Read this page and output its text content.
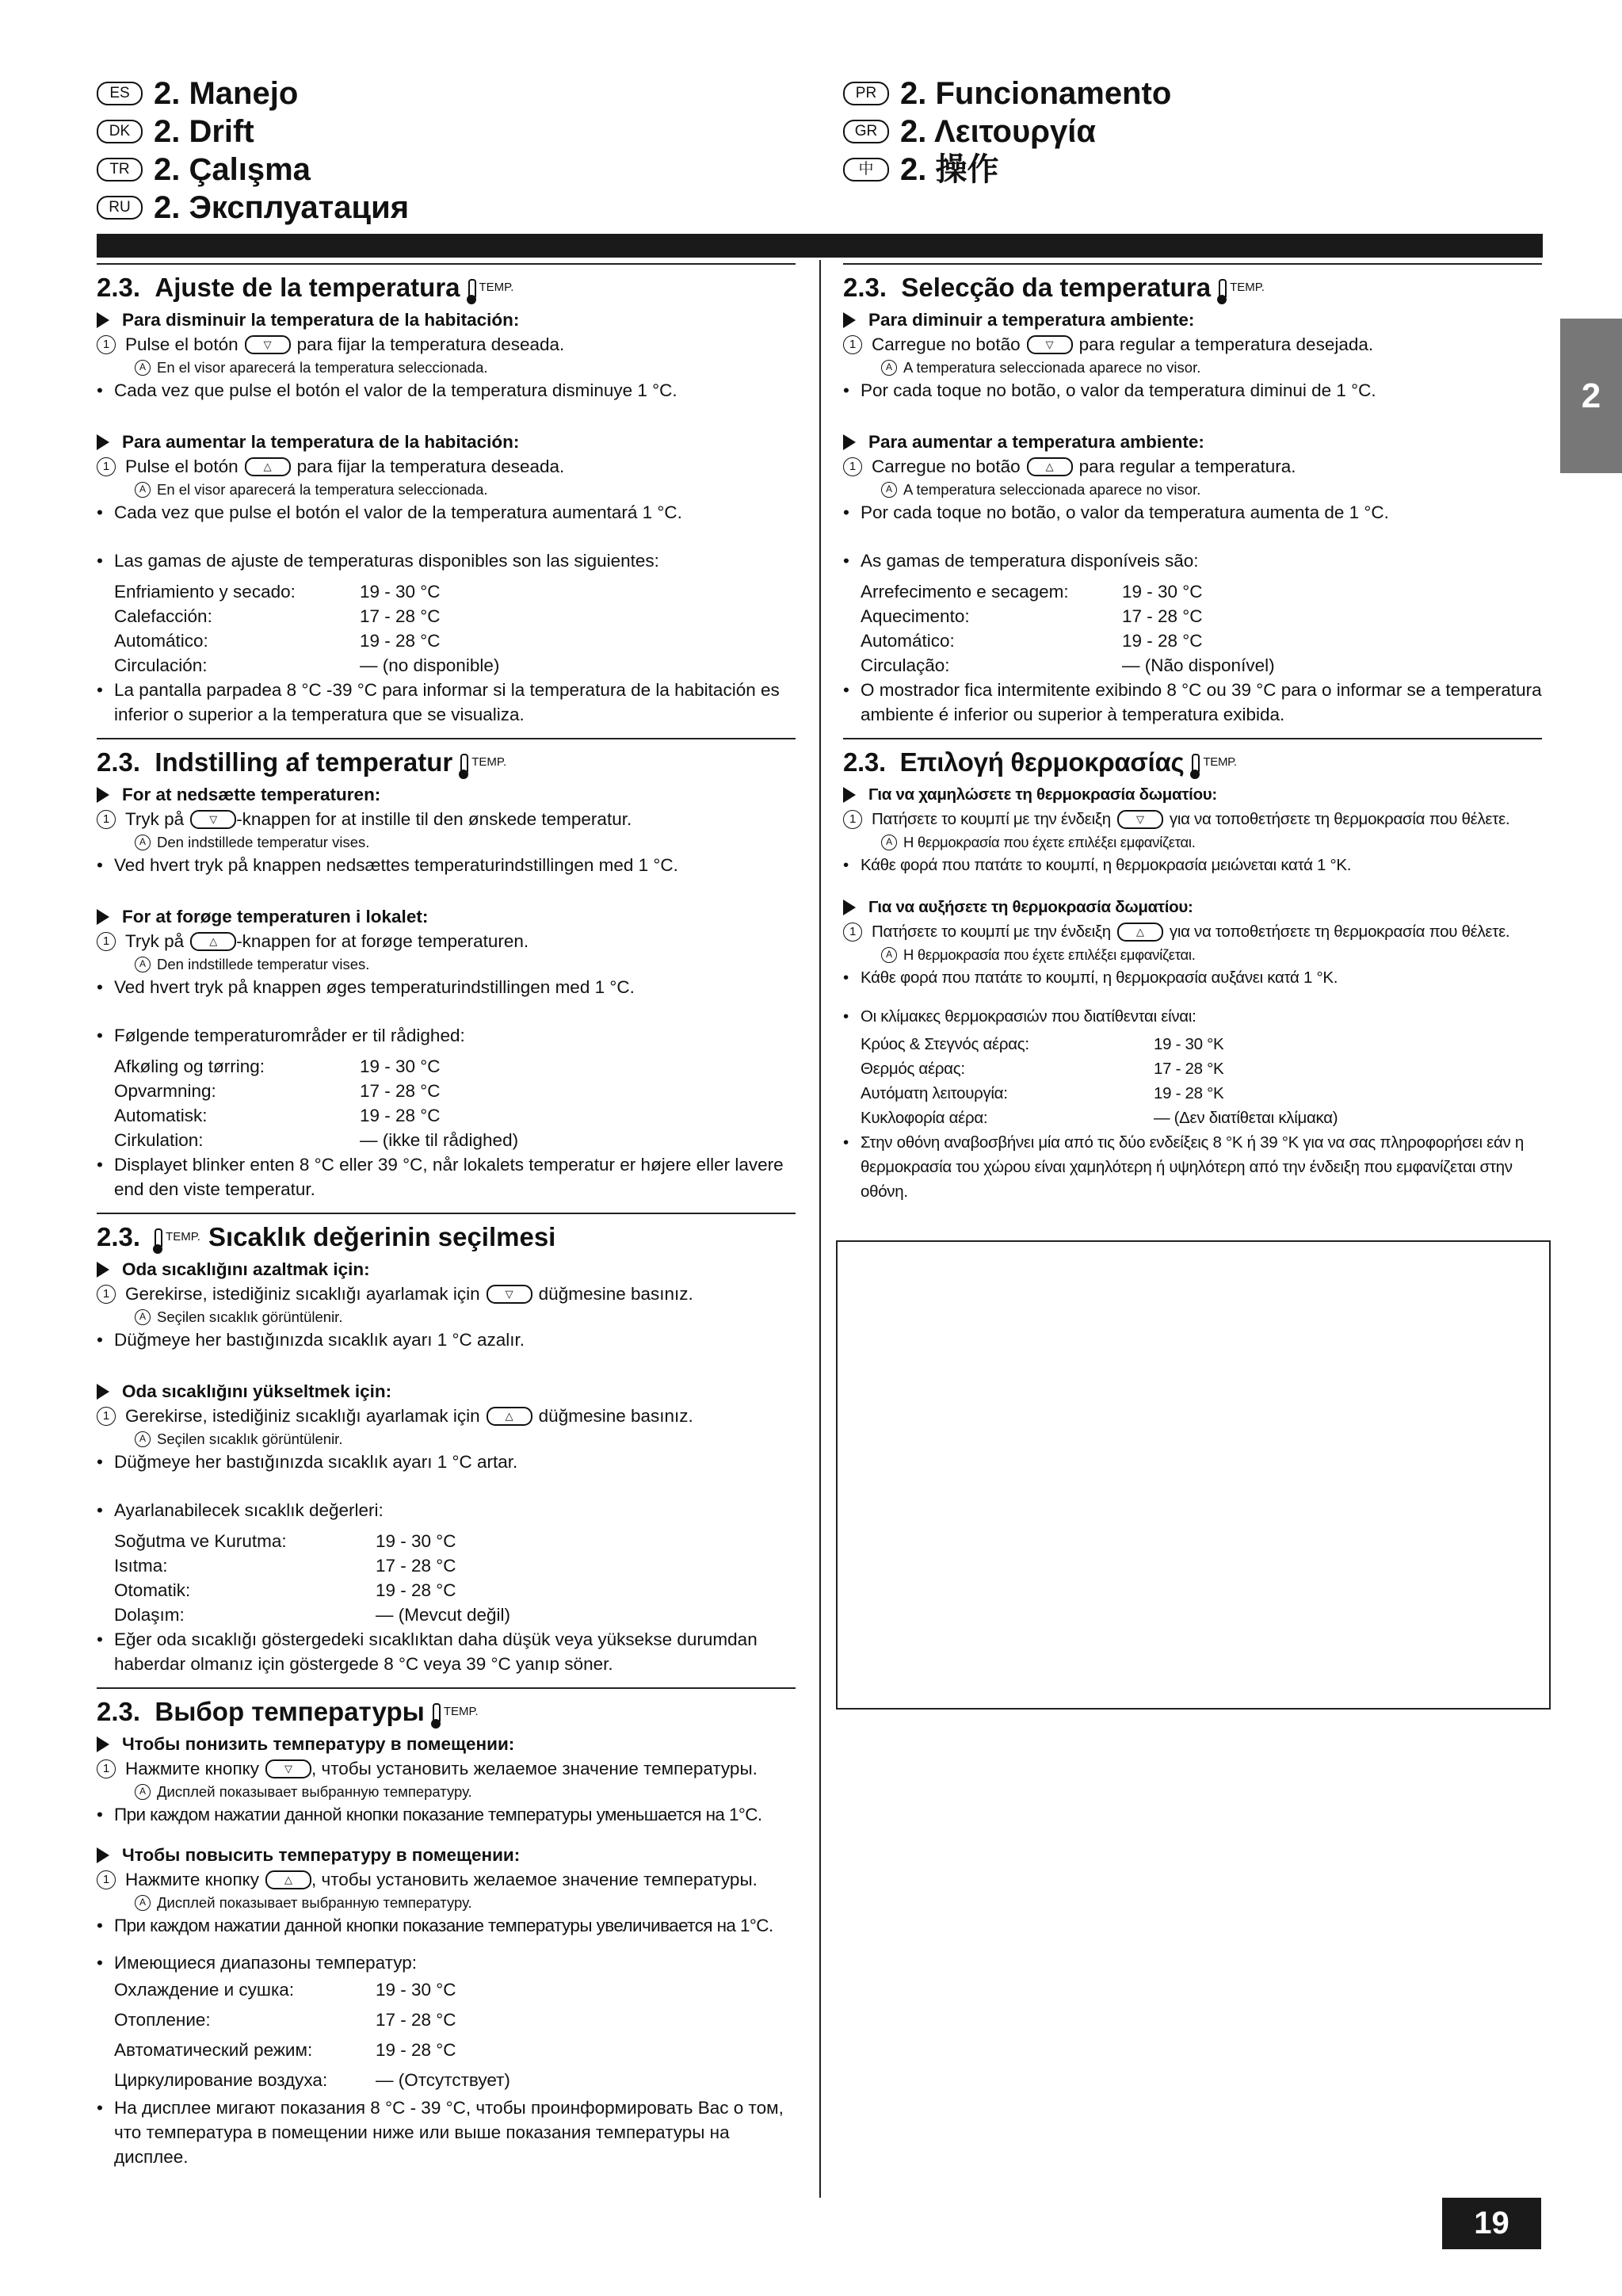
ES 2. Manejo
DK 2. Drift
TR 2. Çalışma
RU 2. Эксплуатация
PR 2. Funcionamento
GR 2. Λειτουργία
中 2. 操作
2
19
2.3.
Ajuste de la temperatura TEMP.
Para disminuir la temperatura de la habitación:
1 Pulse el botón	▽	para fijar la temperatura deseada.
A En el visor aparecerá la temperatura seleccionada.
• Cada vez que pulse el botón el valor de la temperatura disminuye 1 °C.
Para aumentar la temperatura de la habitación:
1 Pulse el botón	△	para fijar la temperatura deseada.
A En el visor aparecerá la temperatura seleccionada.
• Cada vez que pulse el botón el valor de la temperatura aumentará 1 °C.
• Las gamas de ajuste de temperaturas disponibles son las siguientes:
Enfriamiento y secado:	19 - 30 °C
Calefacción:	17 - 28 °C
Automático:	19 - 28 °C
Circulación:	— (no disponible)
• La pantalla parpadea 8 °C -39 °C para informar si la temperatura de la habitación es inferior o superior a la temperatura que se visualiza.
2.3.
Indstilling af temperatur TEMP.
For at nedsætte temperaturen:
1 Tryk på	▽	-knappen for at instille til den ønskede temperatur.
A Den indstillede temperatur vises.
• Ved hvert tryk på knappen nedsættes temperaturindstillingen med 1 °C.
For at forøge temperaturen i lokalet:
1 Tryk på	△	-knappen for at forøge temperaturen.
A Den indstillede temperatur vises.
• Ved hvert tryk på knappen øges temperaturindstillingen med 1 °C.
• Følgende temperaturområder er til rådighed:
Afkøling og tørring:	19 - 30 °C
Opvarmning:	17 - 28 °C
Automatisk:	19 - 28 °C
Cirkulation:	— (ikke til rådighed)
• Displayet blinker enten 8 °C eller 39 °C, når lokalets temperatur er højere eller lavere end den viste temperatur.
2.3. TEMP. Sıcaklık değerinin seçilmesi
Oda sıcaklığını azaltmak için:
1 Gerekirse, istediğiniz sıcaklığı ayarlamak için	▽	düğmesine basınız.
A Seçilen sıcaklık görüntülenir.
• Düğmeye her bastığınızda sıcaklık ayarı 1 °C azalır.
Oda sıcaklığını yükseltmek için:
1 Gerekirse, istediğiniz sıcaklığı ayarlamak için	△	düğmesine basınız.
A Seçilen sıcaklık görüntülenir.
• Düğmeye her bastığınızda sıcaklık ayarı 1 °C artar.
• Ayarlanabilecek sıcaklık değerleri:
Soğutma ve Kurutma:	19 - 30 °C
Isıtma:	17 - 28 °C
Otomatik:	19 - 28 °C
Dolaşım:	— (Mevcut değil)
• Eğer oda sıcaklığı göstergedeki sıcaklıktan daha düşük veya yüksekse durumdan haberdar olmanız için göstergede 8 °C veya 39 °C yanıp söner.
2.3.
Выбор температуры TEMP.
Чтобы понизить температуру в помещении:
1 Нажмите кнопку	▽	, чтобы установить желаемое значение температуры.
A Дисплей показывает выбранную температуру.
• При каждом нажатии данной кнопки показание температуры уменьшается на 1°C.
Чтобы повысить температуру в помещении:
1 Нажмите кнопку	△	, чтобы установить желаемое значение температуры.
A Дисплей показывает выбранную температуру.
• При каждом нажатии данной кнопки показание температуры увеличивается на 1°C.
• Имеющиеся диапазоны температур:
Охлаждение и сушка:	19 - 30 °C
Отопление:	17 - 28 °C
Автоматический режим:	19 - 28 °C
Циркулирование воздуха:	— (Отсутствует)
• На дисплее мигают показания 8 °C - 39 °C, чтобы проинформировать Вас о том, что температура в помещении ниже или выше показания температуры на дисплее.
2.3.
Selecção da temperatura TEMP.
Para diminuir a temperatura ambiente:
1 Carregue no botão	▽	para regular a temperatura desejada.
A A temperatura seleccionada aparece no visor.
• Por cada toque no botão, o valor da temperatura diminui de 1 °C.
Para aumentar a temperatura ambiente:
1 Carregue no botão	△	para regular a temperatura.
A A temperatura seleccionada aparece no visor.
• Por cada toque no botão, o valor da temperatura aumenta de 1 °C.
• As gamas de temperatura disponíveis são:
Arrefecimento e secagem:	19 - 30 °C
Aquecimento:	17 - 28 °C
Automático:	19 - 28 °C
Circulação:	— (Não disponível)
• O mostrador fica intermitente exibindo 8 °C ou 39 °C para o informar se a temperatura ambiente é inferior ou superior à temperatura exibida.
2.3.
Επιλογή θερμοκρασίας TEMP.
Για να χαμηλώσετε τη θερμοκρασία δωματίου:
1 Πατήσετε το κουμπί με την ένδειξη	▽	για να τοποθετήσετε τη θερμοκρασία που θέλετε.
A Η θερμοκρασία που έχετε επιλέξει εμφανίζεται.
• Κάθε φορά που πατάτε το κουμπί, η θερμοκρασία μειώνεται κατά 1 °K.
Για να αυξήσετε τη θερμοκρασία δωματίου:
1 Πατήσετε το κουμπί με την ένδειξη	△	για να τοποθετήσετε τη θερμοκρασία που θέλετε.
A Η θερμοκρασία που έχετε επιλέξει εμφανίζεται.
• Κάθε φορά που πατάτε το κουμπί, η θερμοκρασία αυξάνει κατά 1 °K.
• Οι κλίμακες θερμοκρασιών που διατίθενται είναι:
Κρύος & Στεγνός αέρας:	19 - 30 °K
Θερμός αέρας:	17 - 28 °K
Αυτόματη λειτουργία:	19 - 28 °K
Κυκλοφορία αέρα:	— (Δεν διατίθεται κλίμακα)
• Στην οθόνη αναβοσβήνει μία από τις δύο ενδείξεις 8 °K ή 39 °K για να σας πληροφορήσει εάν η θερμοκρασία του χώρου είναι χαμηλότερη ή υψηλότερη από την ένδειξη που εμφανίζεται στην οθόνη.
